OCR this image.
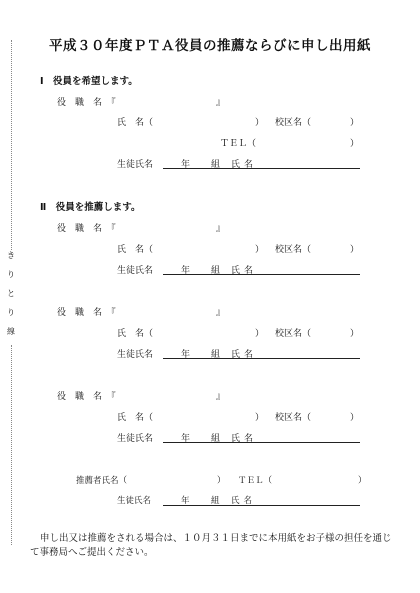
き
り
と
り
線
平成３０年度ＰＴＡ役員の推薦ならびに申し出用紙
Ⅰ　役員を希望します。
役　職　名　『	』
氏　名（	） 校区名（	）
ＴＥＬ（	）
生徒氏名	年 組 氏名
Ⅱ　役員を推薦します。
役　職　名　『	』
氏　名（	） 校区名（	）
生徒氏名	年 組 氏名
役　職　名　『	』
氏　名（	） 校区名（	）
生徒氏名	年 組 氏名
役　職　名　『	』
氏　名（	） 校区名（	）
生徒氏名	年 組 氏名
推薦者氏名（	） ＴＥＬ（	）
生徒氏名	年	組 氏名
申し出又は推薦をされる場合は、１０月３１日までに本用紙をお子様の担任を通じて事務局へご提出ください。
